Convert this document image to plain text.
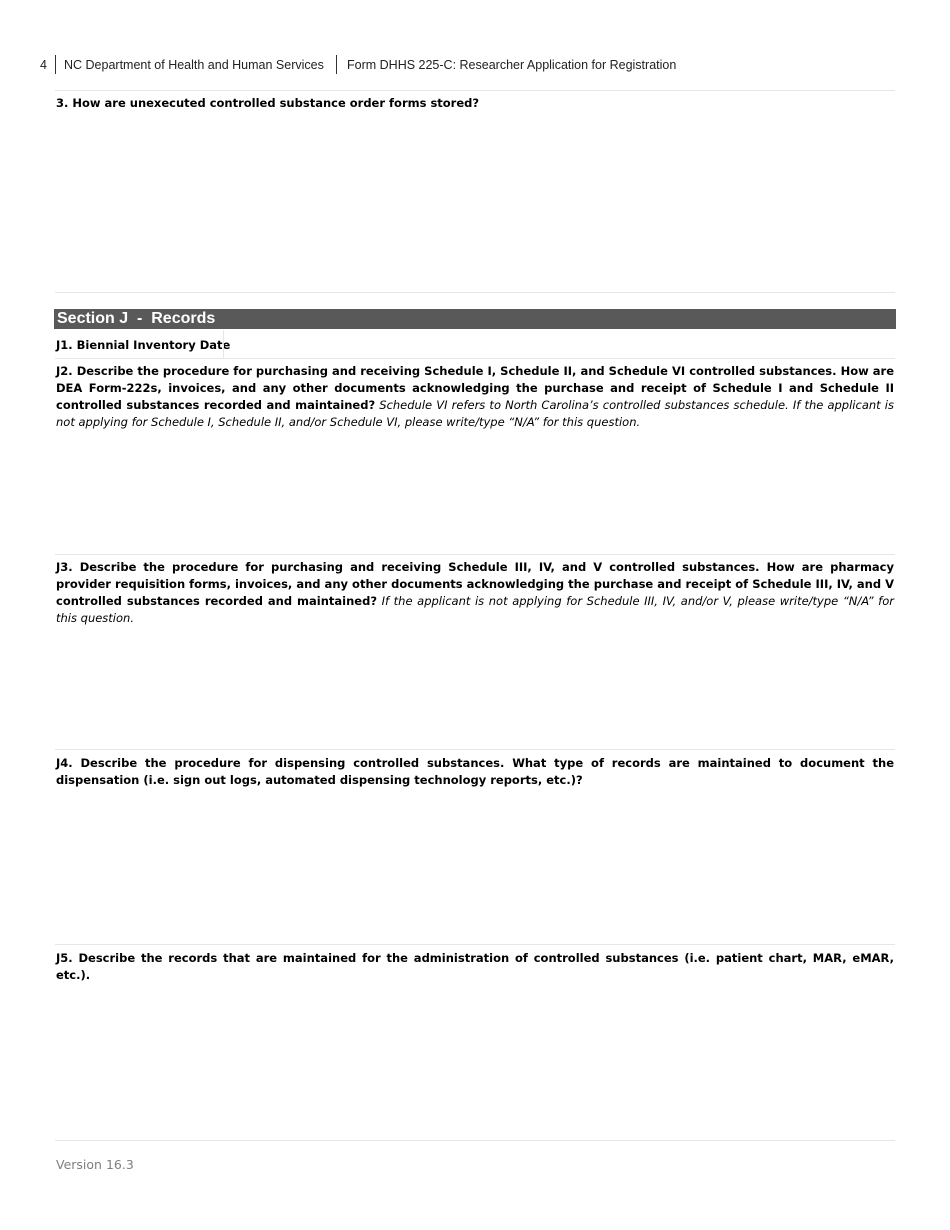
4 NC Department of Health and Human Services Form DHHS 225-C: Researcher Application for Registration
3. How are unexecuted controlled substance order forms stored?
Section J  -  Records
J1. Biennial Inventory Date
J2. Describe the procedure for purchasing and receiving Schedule I, Schedule II, and Schedule VI controlled substances. How are DEA Form-222s, invoices, and any other documents acknowledging the purchase and receipt of Schedule I and Schedule II controlled substances recorded and maintained? Schedule VI refers to North Carolina’s controlled substances schedule. If the applicant is not applying for Schedule I, Schedule II, and/or Schedule VI, please write/type “N/A” for this question.
J3. Describe the procedure for purchasing and receiving Schedule III, IV, and V controlled substances. How are pharmacy provider requisition forms, invoices, and any other documents acknowledging the purchase and receipt of Schedule III, IV, and V controlled substances recorded and maintained? If the applicant is not applying for Schedule III, IV, and/or V, please write/type “N/A” for this question.
J4. Describe the procedure for dispensing controlled substances. What type of records are maintained to document the dispensation (i.e. sign out logs, automated dispensing technology reports, etc.)?
J5. Describe the records that are maintained for the administration of controlled substances (i.e. patient chart, MAR, eMAR, etc.).
Version 16.3
